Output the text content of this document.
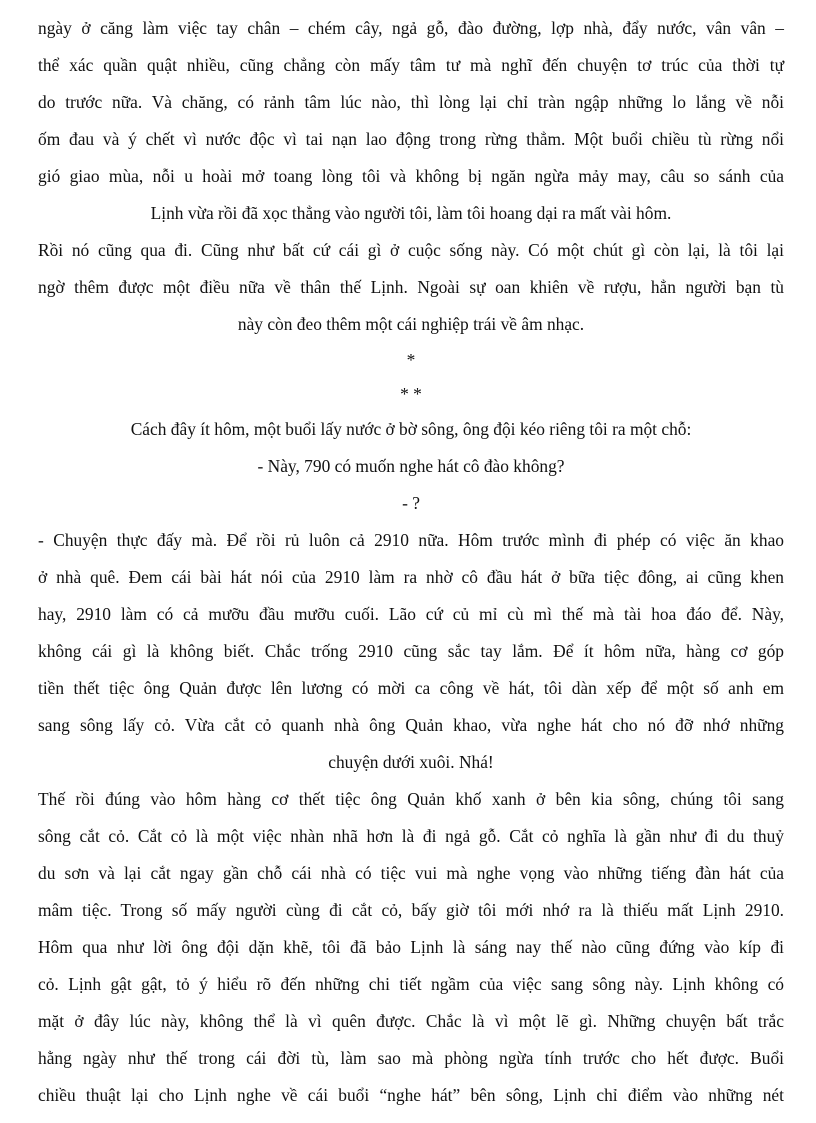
ngày ở căng làm việc tay chân – chém cây, ngả gỗ, đào đường, lợp nhà, đẩy nước, vân vân –
thể xác quần quật nhiều, cũng chẳng còn mấy tâm tư mà nghĩ đến chuyện tơ trúc của thời tự
do trước nữa. Và chăng, có rảnh tâm lúc nào, thì lòng lại chỉ tràn ngập những lo lắng về nỗi
ốm đau và ý chết vì nước độc vì tai nạn lao động trong rừng thẳm. Một buổi chiều tù rừng nổi
gió giao mùa, nỗi u hoài mở toang lòng tôi và không bị ngăn ngừa mảy may, câu so sánh của
Lịnh vừa rồi đã xọc thẳng vào người tôi, làm tôi hoang dại ra mất vài hôm.
Rồi nó cũng qua đi. Cũng như bất cứ cái gì ở cuộc sống này. Có một chút gì còn lại, là tôi lại
ngờ thêm được một điều nữa về thân thế Lịnh. Ngoài sự oan khiên về rượu, hẳn người bạn tù
này còn đeo thêm một cái nghiệp trái về âm nhạc.
*
* *
Cách đây ít hôm, một buổi lấy nước ở bờ sông, ông đội kéo riêng tôi ra một chỗ:
- Này, 790 có muốn nghe hát cô đào không?
- ?
- Chuyện thực đấy mà. Để rồi rủ luôn cả 2910 nữa. Hôm trước mình đi phép có việc ăn khao
ở nhà quê. Đem cái bài hát nói của 2910 làm ra nhờ cô đầu hát ở bữa tiệc đông, ai cũng khen
hay, 2910 làm có cả mưỡu đầu mưỡu cuối. Lão cứ củ mỉ cù mì thế mà tài hoa đáo để. Này,
không cái gì là không biết. Chắc trống 2910 cũng sắc tay lắm. Để ít hôm nữa, hàng cơ góp
tiền thết tiệc ông Quản được lên lương có mời ca công về hát, tôi dàn xếp để một số anh em
sang sông lấy cỏ. Vừa cắt cỏ quanh nhà ông Quản khao, vừa nghe hát cho nó đỡ nhớ những
chuyện dưới xuôi. Nhá!
Thế rồi đúng vào hôm hàng cơ thết tiệc ông Quản khố xanh ở bên kia sông, chúng tôi sang
sông cắt cỏ. Cắt cỏ là một việc nhàn nhã hơn là đi ngả gỗ. Cắt cỏ nghĩa là gần như đi du thuỷ
du sơn và lại cắt ngay gần chỗ cái nhà có tiệc vui mà nghe vọng vào những tiếng đàn hát của
mâm tiệc. Trong số mấy người cùng đi cắt cỏ, bấy giờ tôi mới nhớ ra là thiếu mất Lịnh 2910.
Hôm qua như lời ông đội dặn khẽ, tôi đã bảo Lịnh là sáng nay thế nào cũng đứng vào kíp đi
cỏ. Lịnh gật gật, tỏ ý hiểu rõ đến những chi tiết ngầm của việc sang sông này. Lịnh không có
mặt ở đây lúc này, không thể là vì quên được. Chắc là vì một lẽ gì. Những chuyện bất trắc
hằng ngày như thế trong cái đời tù, làm sao mà phòng ngừa tính trước cho hết được. Buổi
chiều thuật lại cho Lịnh nghe về cái buổi “nghe hát” bên sông, Lịnh chỉ điểm vào những nét
